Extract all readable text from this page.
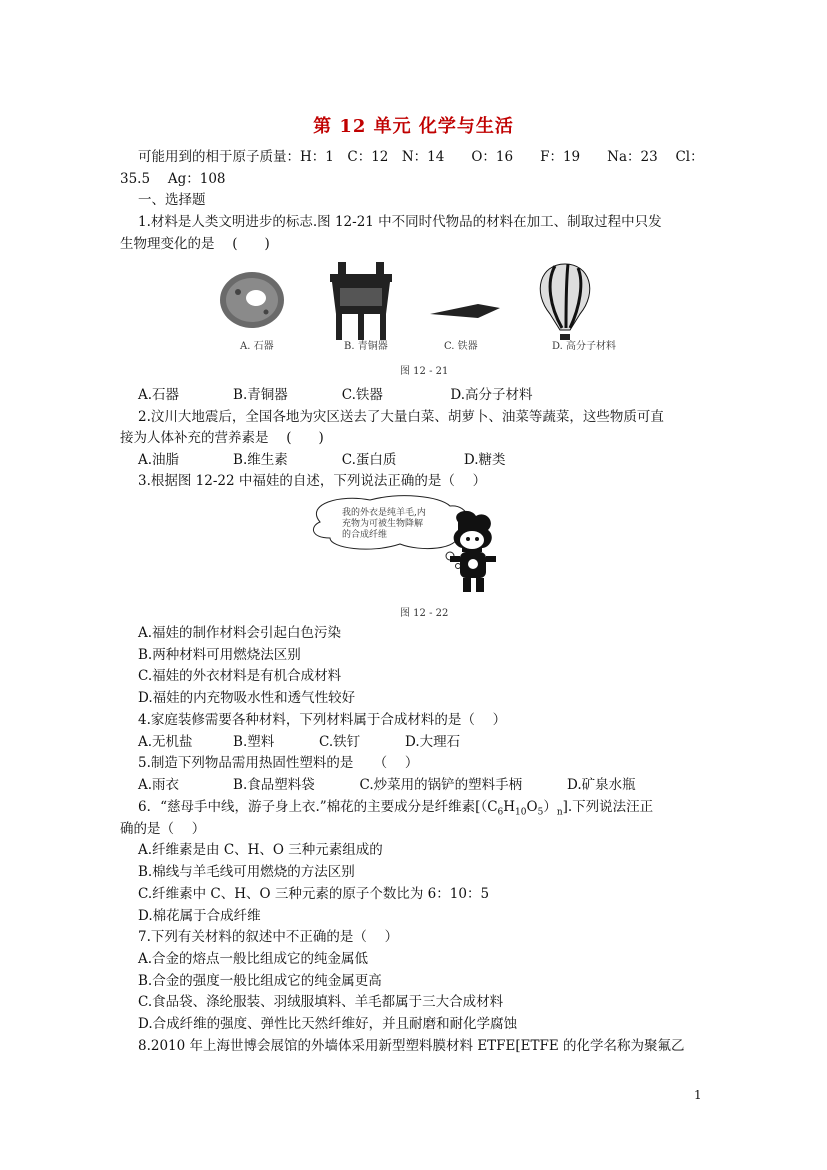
第 12 单元 化学与生活
可能用到的相于原子质量：H：1　C：12　N：14　　O：16　　F：19　　Na：23　 Cl：
35.5　 Ag：108
一、选择题
1.材料是人类文明进步的标志.图 12-21 中不同时代物品的材料在加工、制取过程中只发
生物理变化的是　 (　　)
A. 石器	B. 青铜器	C. 铁器	D. 高分子材料
图 12 - 21
A.石器　　　　B.青铜器　　　　C.铁器　　　　　D.高分子材料
2.汶川大地震后，全国各地为灾区送去了大量白菜、胡萝卜、油菜等蔬菜，这些物质可直
接为人体补充的营养素是　 (　　)
A.油脂　　　　B.维生素　　　　C.蛋白质　　　　　D.糖类
3.根据图 12-22 中福娃的自述，下列说法正确的是（　 ）
我的外衣是纯羊毛,内
充物为可被生物降解
的合成纤维
图 12 - 22
A.福娃的制作材料会引起白色污染
B.两种材料可用燃烧法区别
C.福娃的外衣材料是有机合成材料
D.福娃的内充物吸水性和透气性较好
4.家庭装修需要各种材料，下列材料属于合成材料的是（　 ）
A.无机盐　　　B.塑料　　　 C.铁钉　　　 D.大理石
5.制造下列物品需用热固性塑料的是　　（　 ）
A.雨衣　　　　B.食品塑料袋　　　 C.炒菜用的锅铲的塑料手柄　　　 D.矿泉水瓶
6．“慈母手中线，游子身上衣.”棉花的主要成分是纤维素$[(C_6H_{10}O_5)_n]$.下列说法汪正
确的是（　 ）
A.纤维素是由 C、H、O 三种元素组成的
B.棉线与羊毛线可用燃烧的方法区别
C.纤维素中 C、H、O 三种元素的原子个数比为 6：10：5
D.棉花属于合成纤维
7.下列有关材料的叙述中不正确的是（　 ）
A.合金的熔点一般比组成它的纯金属低
B.合金的强度一般比组成它的纯金属更高
C.食品袋、涤纶服装、羽绒服填料、羊毛都属于三大合成材料
D.合成纤维的强度、弹性比天然纤维好，并且耐磨和耐化学腐蚀
8.2010 年上海世博会展馆的外墙体采用新型塑料膜材料 ETFE[ETFE 的化学名称为聚氟乙
1
